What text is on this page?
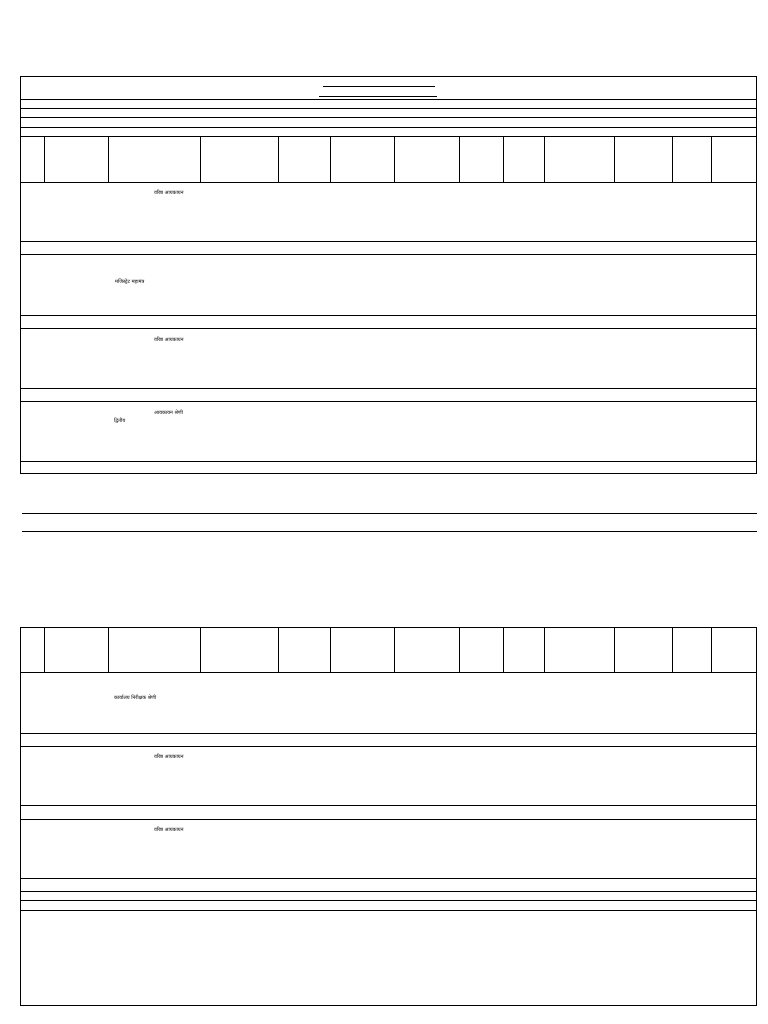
वरिष्ठ आयकायन
मजिस्ट्रेट महामंत्र
वरिष्ठ आयकायन
आयकायन श्रेणी
द्वितीय
कार्यालय निरीक्षक श्रेणी
वरिष्ठ आयकायन
वरिष्ठ आयकायन
